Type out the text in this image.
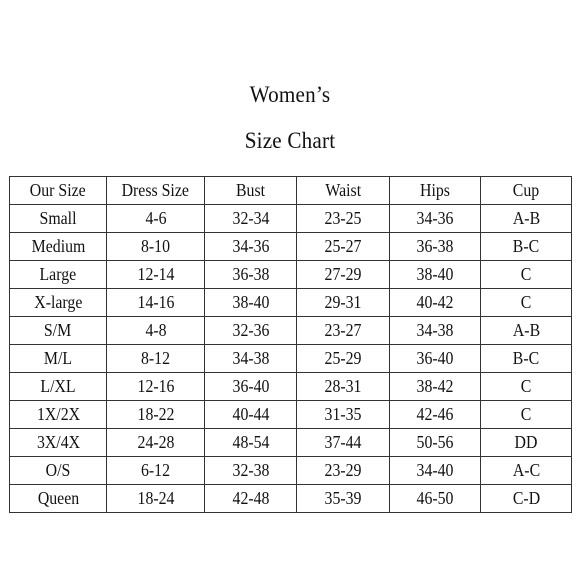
Women’s
Size Chart
Our Size	Dress Size	Bust	Waist	Hips	Cup
Small	4-6	32-34	23-25	34-36	A-B
Medium	8-10	34-36	25-27	36-38	B-C
Large	12-14	36-38	27-29	38-40	C
X-large	14-16	38-40	29-31	40-42	C
S/M	4-8	32-36	23-27	34-38	A-B
M/L	8-12	34-38	25-29	36-40	B-C
L/XL	12-16	36-40	28-31	38-42	C
1X/2X	18-22	40-44	31-35	42-46	C
3X/4X	24-28	48-54	37-44	50-56	DD
O/S	6-12	32-38	23-29	34-40	A-C
Queen	18-24	42-48	35-39	46-50	C-D
